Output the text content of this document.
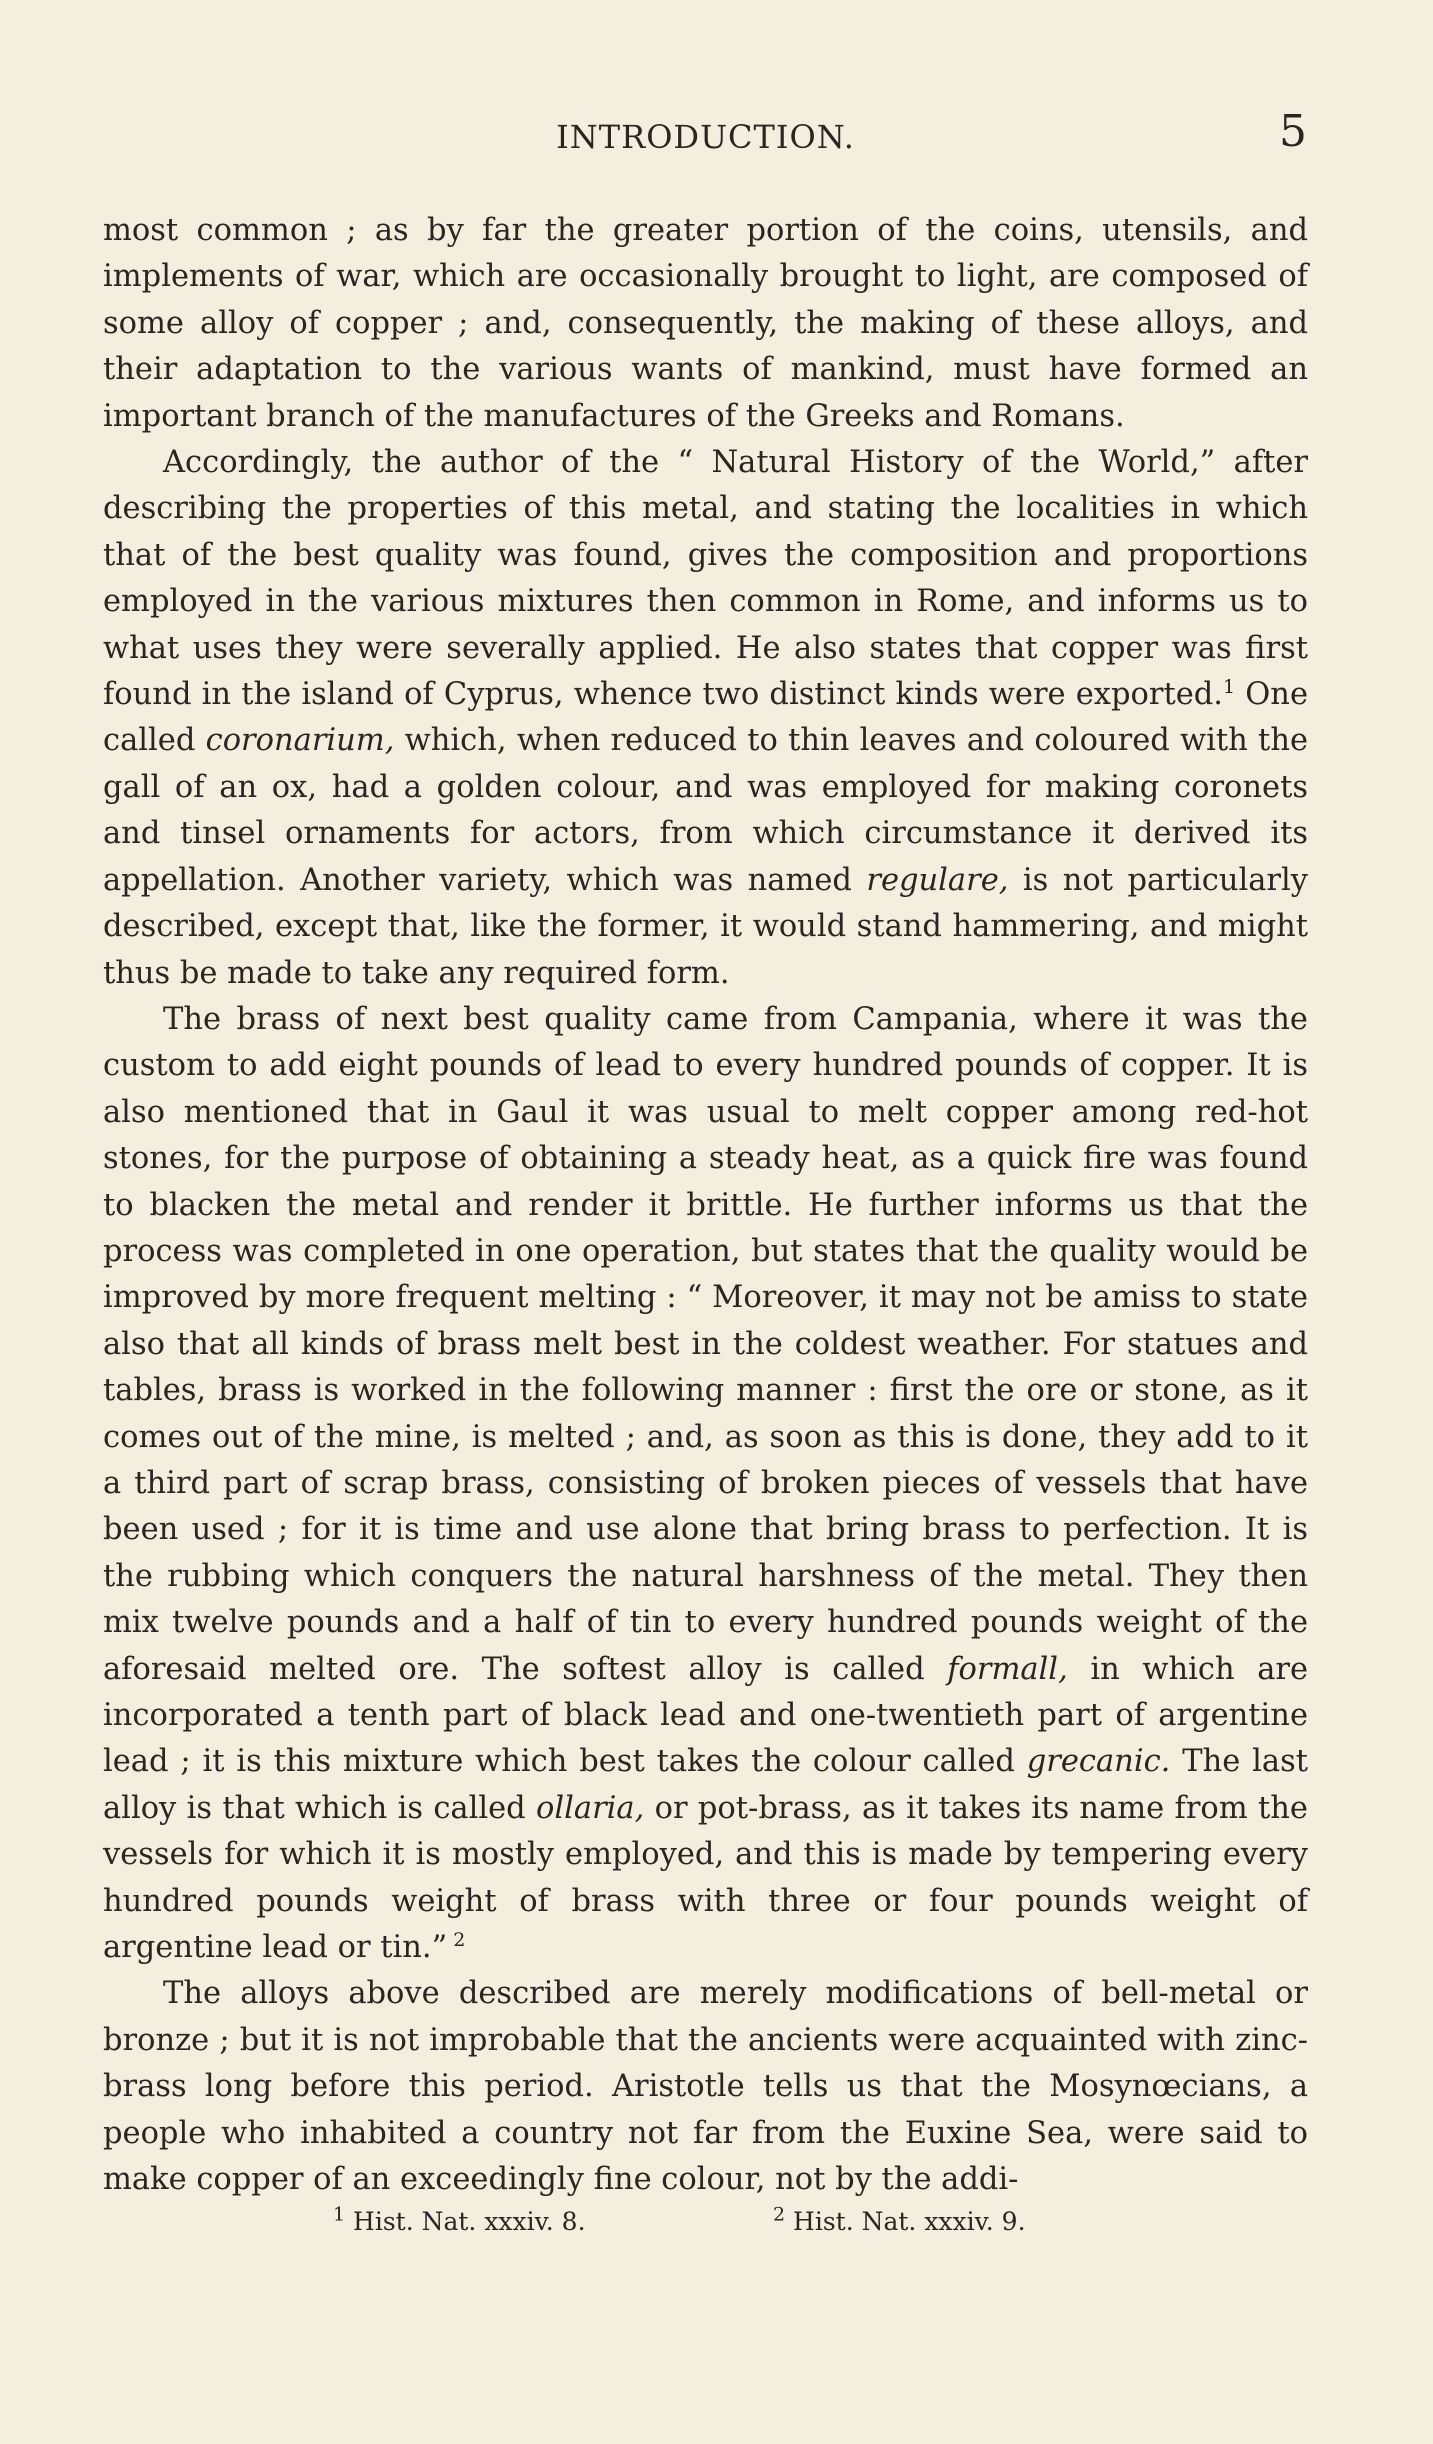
INTRODUCTION.	5

most common ; as by far the greater portion of the coins, utensils, and implements of war, which are occasionally brought to light, are composed of some alloy of copper ; and, consequently, the making of these alloys, and their adaptation to the various wants of mankind, must have formed an important branch of the manufactures of the Greeks and Romans.

Accordingly, the author of the “ Natural History of the World,” after describing the properties of this metal, and stating the localities in which that of the best quality was found, gives the composition and proportions employed in the various mixtures then common in Rome, and informs us to what uses they were severally applied. He also states that copper was first found in the island of Cyprus, whence two distinct kinds were exported.$^1$ One called coronarium, which, when reduced to thin leaves and coloured with the gall of an ox, had a golden colour, and was employed for making coronets and tinsel ornaments for actors, from which circumstance it derived its appellation. Another variety, which was named regulare, is not particularly described, except that, like the former, it would stand hammering, and might thus be made to take any required form.

The brass of next best quality came from Campania, where it was the custom to add eight pounds of lead to every hundred pounds of copper. It is also mentioned that in Gaul it was usual to melt copper among red-hot stones, for the purpose of obtaining a steady heat, as a quick fire was found to blacken the metal and render it brittle. He further informs us that the process was completed in one operation, but states that the quality would be improved by more frequent melting : “ Moreover, it may not be amiss to state also that all kinds of brass melt best in the coldest weather. For statues and tables, brass is worked in the following manner : first the ore or stone, as it comes out of the mine, is melted ; and, as soon as this is done, they add to it a third part of scrap brass, consisting of broken pieces of vessels that have been used ; for it is time and use alone that bring brass to perfection. It is the rubbing which conquers the natural harshness of the metal. They then mix twelve pounds and a half of tin to every hundred pounds weight of the aforesaid melted ore. The softest alloy is called formall, in which are incorporated a tenth part of black lead and one-twentieth part of argentine lead ; it is this mixture which best takes the colour called grecanic. The last alloy is that which is called ollaria, or pot-brass, as it takes its name from the vessels for which it is mostly employed, and this is made by tempering every hundred pounds weight of brass with three or four pounds weight of argentine lead or tin.” $^2$

The alloys above described are merely modifications of bell-metal or bronze ; but it is not improbable that the ancients were acquainted with zinc-brass long before this period. Aristotle tells us that the Mosynœcians, a people who inhabited a country not far from the Euxine Sea, were said to make copper of an exceedingly fine colour, not by the addi-

$^1$ Hist. Nat. xxxiv. 8.	$^2$ Hist. Nat. xxxiv. 9.
